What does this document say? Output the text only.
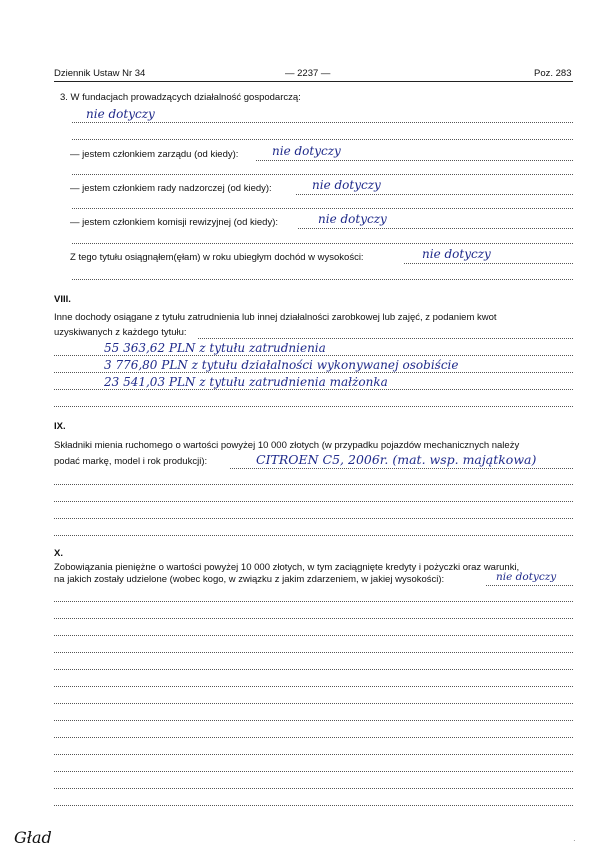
Dziennik Ustaw Nr 34	— 2237 —	Poz. 283
3. W fundacjach prowadzących działalność gospodarczą:
nie dotyczy
— jestem członkiem zarządu (od kiedy):	nie dotyczy
— jestem członkiem rady nadzorczej (od kiedy):	nie dotyczy
— jestem członkiem komisji rewizyjnej (od kiedy):	nie dotyczy
Z tego tytułu osiągnąłem(ęłam) w roku ubiegłym dochód w wysokości:	nie dotyczy
VIII.
Inne dochody osiągane z tytułu zatrudnienia lub innej działalności zarobkowej lub zajęć, z podaniem kwot
uzyskiwanych z każdego tytułu:
55 363,62 PLN z tytułu zatrudnienia
3 776,80 PLN z tytułu działalności wykonywanej osobiście
23 541,03 PLN z tytułu zatrudnienia małżonka
IX.
Składniki mienia ruchomego o wartości powyżej 10 000 złotych (w przypadku pojazdów mechanicznych należy
podać markę, model i rok produkcji):	CITROEN C5, 2006r. (mat. wsp. majątkowa)
X.
Zobowiązania pieniężne o wartości powyżej 10 000 złotych, w tym zaciągnięte kredyty i pożyczki oraz warunki,
na jakich zostały udzielone (wobec kogo, w związku z jakim zdarzeniem, w jakiej wysokości):	nie dotyczy
Gład	·
